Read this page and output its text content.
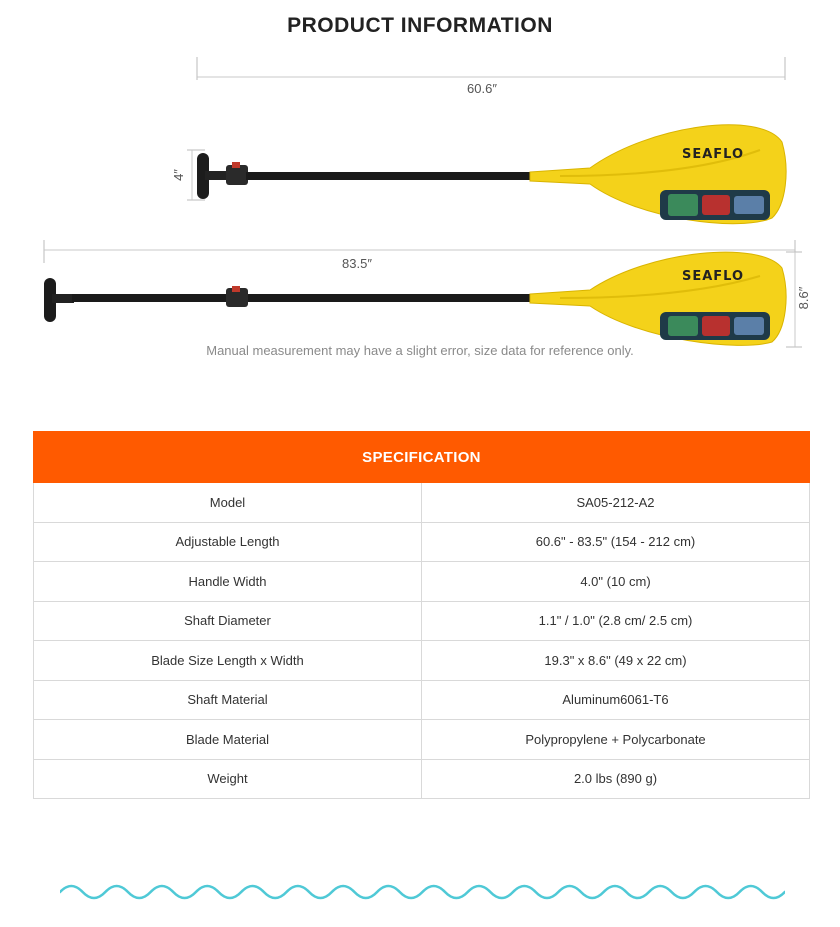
PRODUCT INFORMATION
60.6″
4″
SEAFLO
83.5″
8.6″
SEAFLO

Manual measurement may have a slight error, size data for reference only.

SPECIFICATION	
Model	SA05-212-A2
Adjustable Length	60.6" - 83.5" (154 - 212 cm)
Handle Width	4.0" (10 cm)
Shaft Diameter	1.1" / 1.0" (2.8 cm/ 2.5 cm)
Blade Size Length x Width	19.3" x 8.6" (49 x 22 cm)
Shaft Material	Aluminum6061-T6
Blade Material	Polypropylene + Polycarbonate
Weight	2.0 lbs (890 g)
